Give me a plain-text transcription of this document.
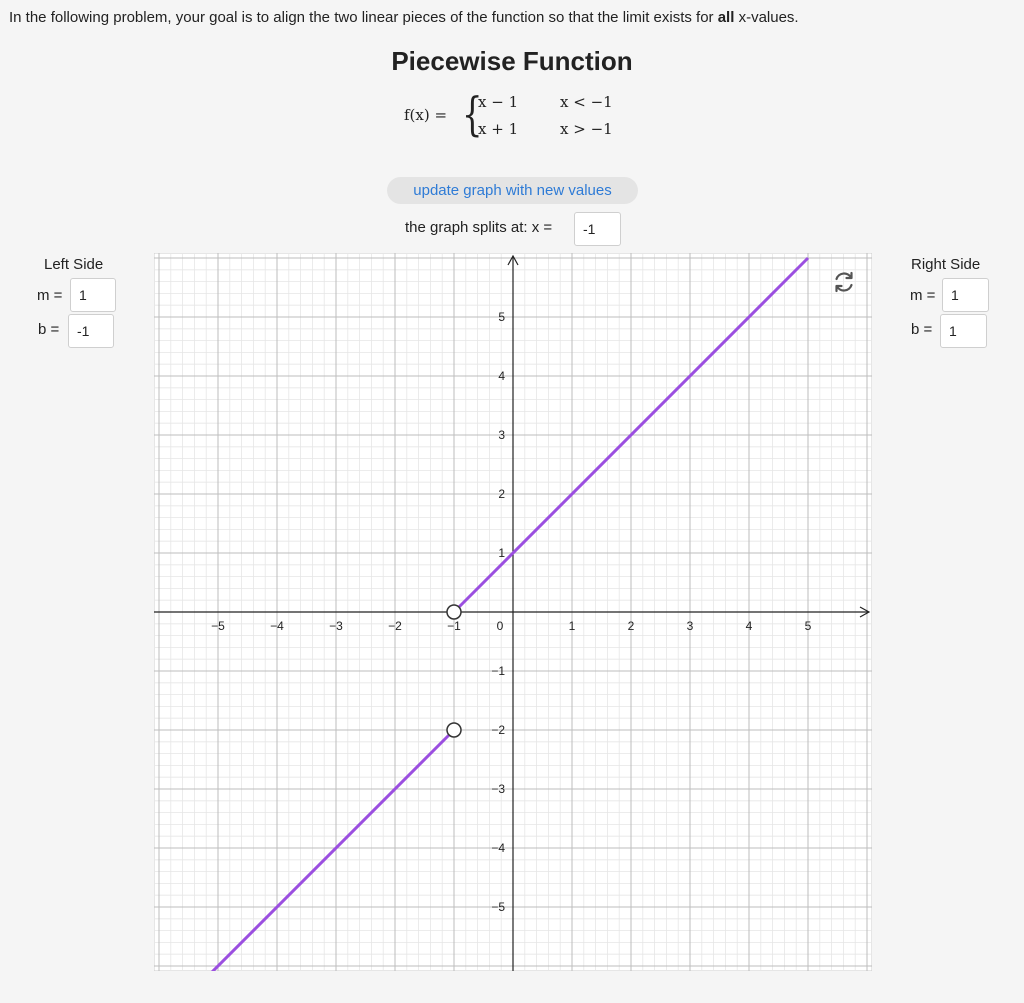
In the following problem, your goal is to align the two linear pieces of the function so that the limit exists for all x-values.
Piecewise Function
f(x) = {
x − 1	x < −1
x + 1	x > −1
update graph with new values
the graph splits at: x =
-1
Left Side
m =
1
b =
-1
Right Side
m =
1
b =
1
−5	−4	−3	−2	−1	1	2	3	4	5
5
4
3
2
1
−1
−2
−3
−4
−5
0
